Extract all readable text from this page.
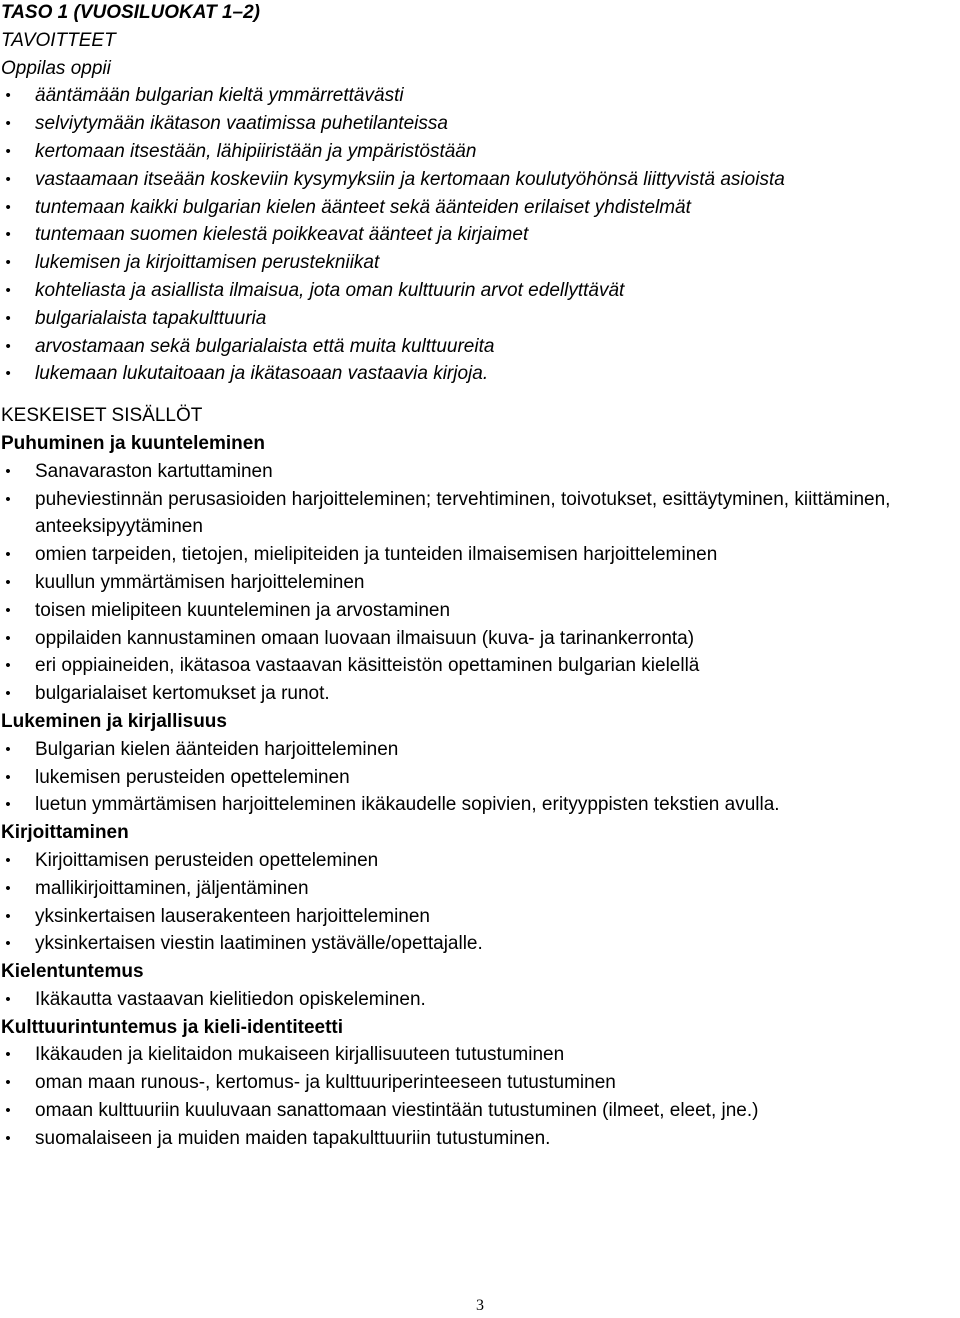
TASO 1 (VUOSILUOKAT 1–2)

TAVOITTEET

Oppilas oppii

• ääntämään bulgarian kieltä ymmärrettävästi
• selviytymään ikätason vaatimissa puhetilanteissa
• kertomaan itsestään, lähipiiristään ja ympäristöstään
• vastaamaan itseään koskeviin kysymyksiin ja kertomaan koulutyöhönsä liittyvistä asioista
• tuntemaan kaikki bulgarian kielen äänteet sekä äänteiden erilaiset yhdistelmät
• tuntemaan suomen kielestä poikkeavat äänteet ja kirjaimet
• lukemisen ja kirjoittamisen perustekniikat
• kohteliasta ja asiallista ilmaisua, jota oman kulttuurin arvot edellyttävät
• bulgarialaista tapakulttuuria
• arvostamaan sekä bulgarialaista että muita kulttuureita
• lukemaan lukutaitoaan ja ikätasoaan vastaavia kirjoja.

KESKEISET SISÄLLÖT

Puhuminen ja kuunteleminen

• Sanavaraston kartuttaminen
• puheviestinnän perusasioiden harjoitteleminen; tervehtiminen, toivotukset, esittäytyminen, kiittäminen, anteeksipyytäminen
• omien tarpeiden, tietojen, mielipiteiden ja tunteiden ilmaisemisen harjoitteleminen
• kuullun ymmärtämisen harjoitteleminen
• toisen mielipiteen kuunteleminen ja arvostaminen
• oppilaiden kannustaminen omaan luovaan ilmaisuun (kuva- ja tarinankerronta)
• eri oppiaineiden, ikätasoa vastaavan käsitteistön opettaminen bulgarian kielellä
• bulgarialaiset kertomukset ja runot.

Lukeminen ja kirjallisuus

• Bulgarian kielen äänteiden harjoitteleminen
• lukemisen perusteiden opetteleminen
• luetun ymmärtämisen harjoitteleminen ikäkaudelle sopivien, erityyppisten tekstien avulla.

Kirjoittaminen

• Kirjoittamisen perusteiden opetteleminen
• mallikirjoittaminen, jäljentäminen
• yksinkertaisen lauserakenteen harjoitteleminen
• yksinkertaisen viestin laatiminen ystävälle/opettajalle.

Kielentuntemus

• Ikäkautta vastaavan kielitiedon opiskeleminen.

Kulttuurintuntemus ja kieli-identiteetti

• Ikäkauden ja kielitaidon mukaiseen kirjallisuuteen tutustuminen
• oman maan runous-, kertomus- ja kulttuuriperinteeseen tutustuminen
• omaan kulttuuriin kuuluvaan sanattomaan viestintään tutustuminen (ilmeet, eleet, jne.)
• suomalaiseen ja muiden maiden tapakulttuuriin tutustuminen.
3
